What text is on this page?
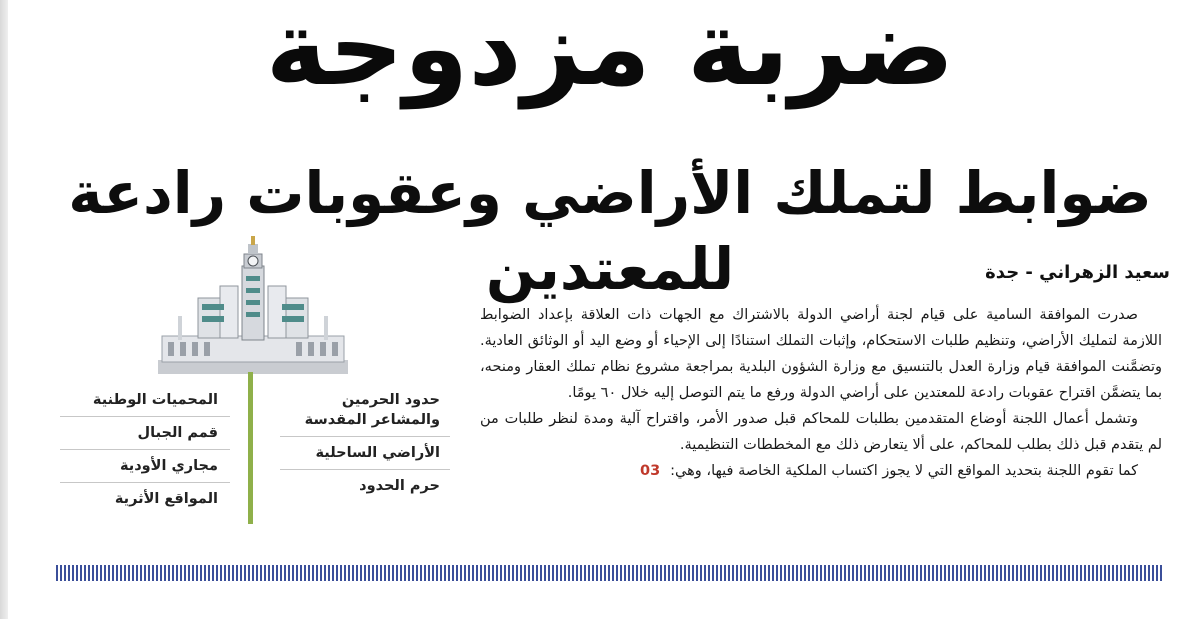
ضربة مزدوجة
ضوابط لتملك الأراضي وعقوبات رادعة للمعتدين	سعيد الزهراني - جدة

صدرت الموافقة السامية على قيام لجنة أراضي الدولة بالاشتراك مع الجهات ذات العلاقة بإعداد الضوابط اللازمة لتمليك الأراضي، وتنظيم طلبات الاستحكام، وإثبات التملك استنادًا إلى الإحياء أو وضع اليد أو الوثائق العادية. وتضمَّنت الموافقة قيام وزارة العدل بالتنسيق مع وزارة الشؤون البلدية بمراجعة مشروع نظام تملك العقار ومنحه، بما يتضمَّن اقتراح عقوبات رادعة للمعتدين على أراضي الدولة ورفع ما يتم التوصل إليه خلال ٦٠ يومًا.

وتشمل أعمال اللجنة أوضاع المتقدمين بطلبات للمحاكم قبل صدور الأمر، واقتراح آلية ومدة لنظر طلبات من لم يتقدم قبل ذلك بطلب للمحاكم، على ألا يتعارض ذلك مع المخططات التنظيمية.

كما تقوم اللجنة بتحديد المواقع التي لا يجوز اكتساب الملكية الخاصة فيها، وهي:03

حدود الحرمين والمشاعر المقدسة
الأراضي الساحلية
حرم الحدود
المحميات الوطنية
قمم الجبال
مجاري الأودية
المواقع الأثرية
